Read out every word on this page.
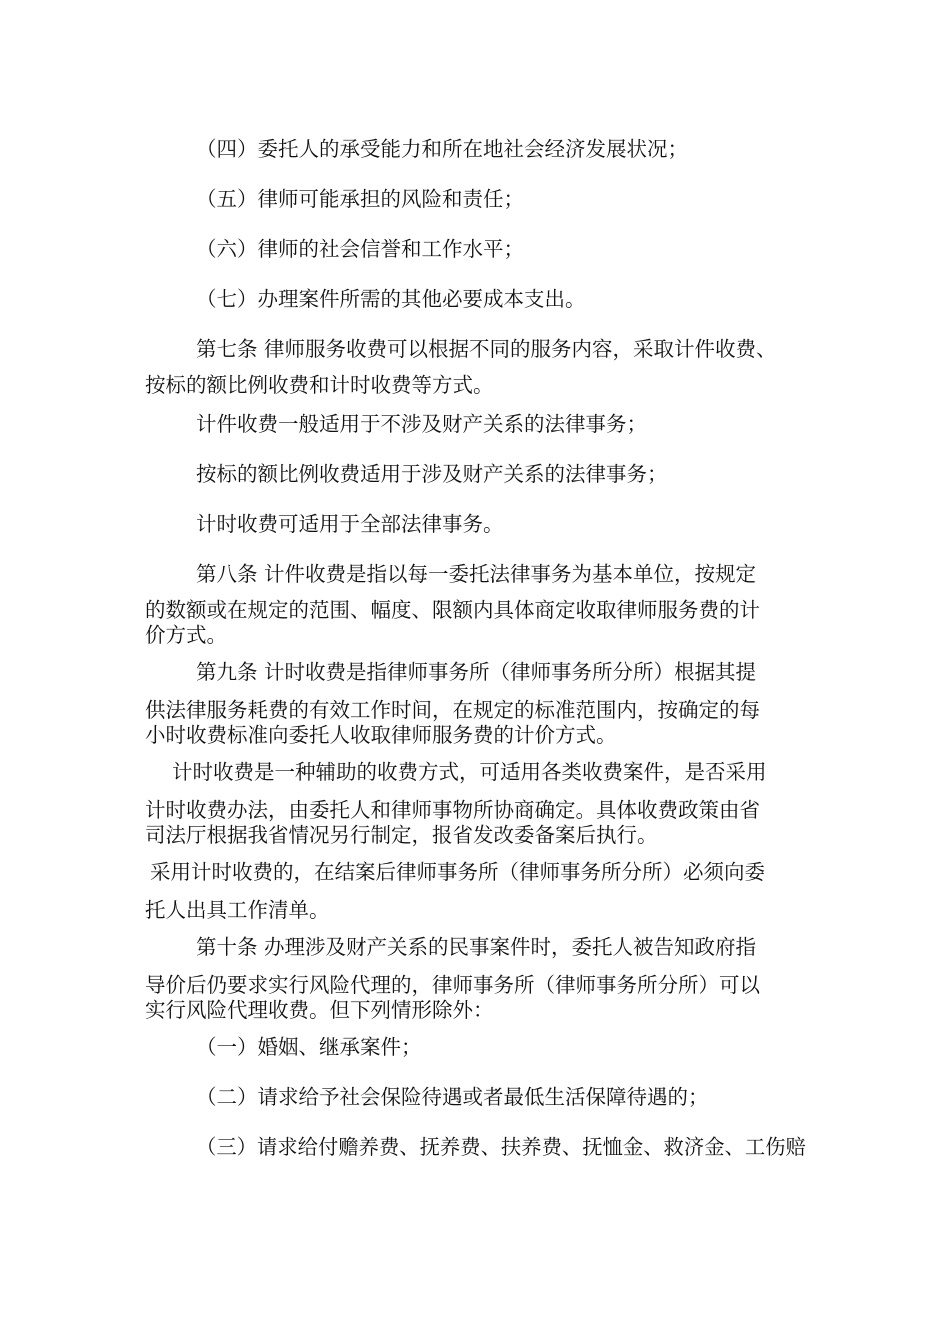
（四）委托人的承受能力和所在地社会经济发展状况；

（五）律师可能承担的风险和责任；

（六）律师的社会信誉和工作水平；

（七）办理案件所需的其他必要成本支出。

第七条 律师服务收费可以根据不同的服务内容，采取计件收费、

按标的额比例收费和计时收费等方式。

计件收费一般适用于不涉及财产关系的法律事务；

按标的额比例收费适用于涉及财产关系的法律事务；

计时收费可适用于全部法律事务。

第八条 计件收费是指以每一委托法律事务为基本单位，按规定

的数额或在规定的范围、幅度、限额内具体商定收取律师服务费的计

价方式。

第九条 计时收费是指律师事务所（律师事务所分所）根据其提

供法律服务耗费的有效工作时间，在规定的标准范围内，按确定的每

小时收费标准向委托人收取律师服务费的计价方式。

计时收费是一种辅助的收费方式，可适用各类收费案件，是否采用

计时收费办法，由委托人和律师事物所协商确定。具体收费政策由省

司法厅根据我省情况另行制定，报省发改委备案后执行。

采用计时收费的，在结案后律师事务所（律师事务所分所）必须向委

托人出具工作清单。

第十条 办理涉及财产关系的民事案件时，委托人被告知政府指

导价后仍要求实行风险代理的，律师事务所（律师事务所分所）可以

实行风险代理收费。但下列情形除外：

（一）婚姻、继承案件；

（二）请求给予社会保险待遇或者最低生活保障待遇的；

（三）请求给付赡养费、抚养费、扶养费、抚恤金、救济金、工伤赔
